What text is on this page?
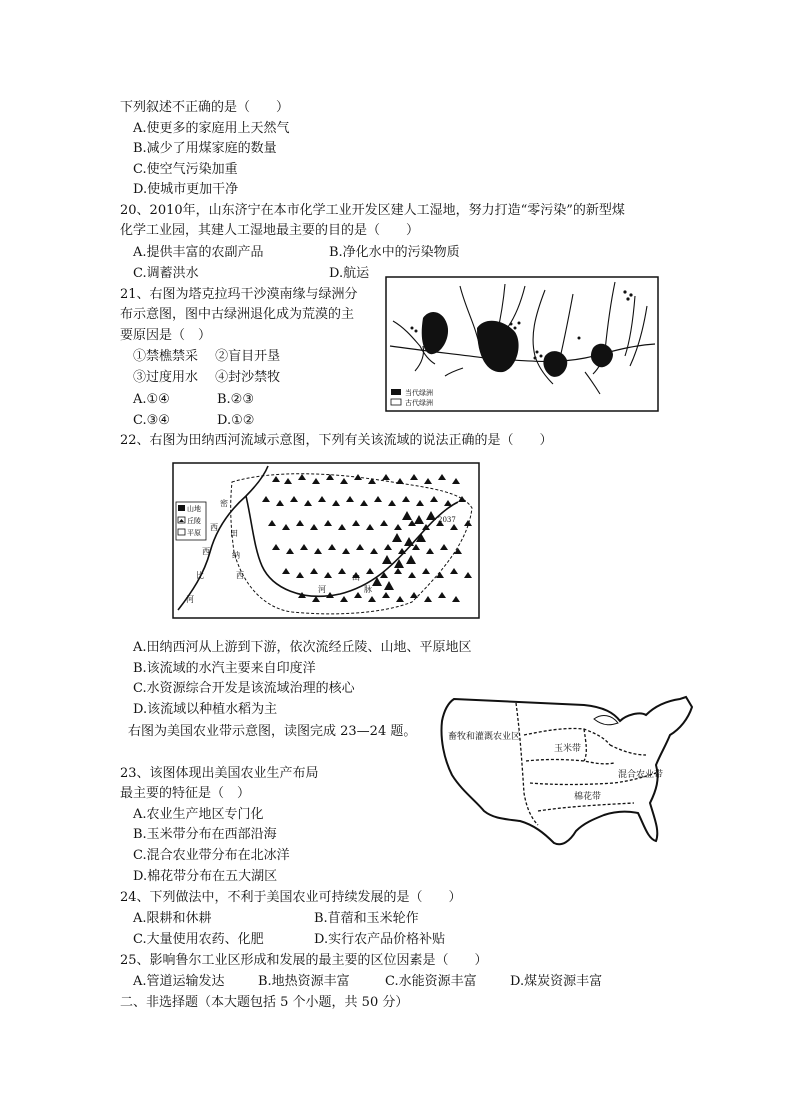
下列叙述不正确的是（　　）
A.使更多的家庭用上天然气
B.减少了用煤家庭的数量
C.使空气污染加重
D.使城市更加干净
20、2010年，山东济宁在本市化学工业开发区建人工湿地，努力打造“零污染”的新型煤
化学工业园，其建人工湿地最主要的目的是（　　）
A.提供丰富的农副产品	B.净化水中的污染物质
C.调蓄洪水	D.航运
21、右图为塔克拉玛干沙漠南缘与绿洲分
布示意图，图中古绿洲退化成为荒漠的主
要原因是（　）
①禁樵禁采　 ②盲目开垦
③过度用水　 ④封沙禁牧
A.①④	B.②③
C.③④	D.①②
当代绿洲
古代绿洲
22、右图为田纳西河流域示意图，下列有关该流域的说法正确的是（　　）
密
西
西
比
河
田
纳
西
河
山
脉
2037
山地
丘陵
平原
A.田纳西河从上游到下游，依次流经丘陵、山地、平原地区
B.该流域的水汽主要来自印度洋
C.水资源综合开发是该流域治理的核心
D.该流域以种植水稻为主
右图为美国农业带示意图，读图完成 23—24 题。	畜牧和灌溉农业区
玉米带
混合农业带
棉花带
23、该图体现出美国农业生产布局
最主要的特征是（　）
A.农业生产地区专门化
B.玉米带分布在西部沿海
C.混合农业带分布在北冰洋
D.棉花带分布在五大湖区
24、下列做法中，不利于美国农业可持续发展的是（　　）
A.限耕和休耕	B.苜蓿和玉米轮作
C.大量使用农药、化肥	D.实行农产品价格补贴
25、影响鲁尔工业区形成和发展的最主要的区位因素是（　　）
A.管道运输发达	B.地热资源丰富	C.水能资源丰富	D.煤炭资源丰富
二、非选择题（本大题包括 5 个小题，共 50 分）
